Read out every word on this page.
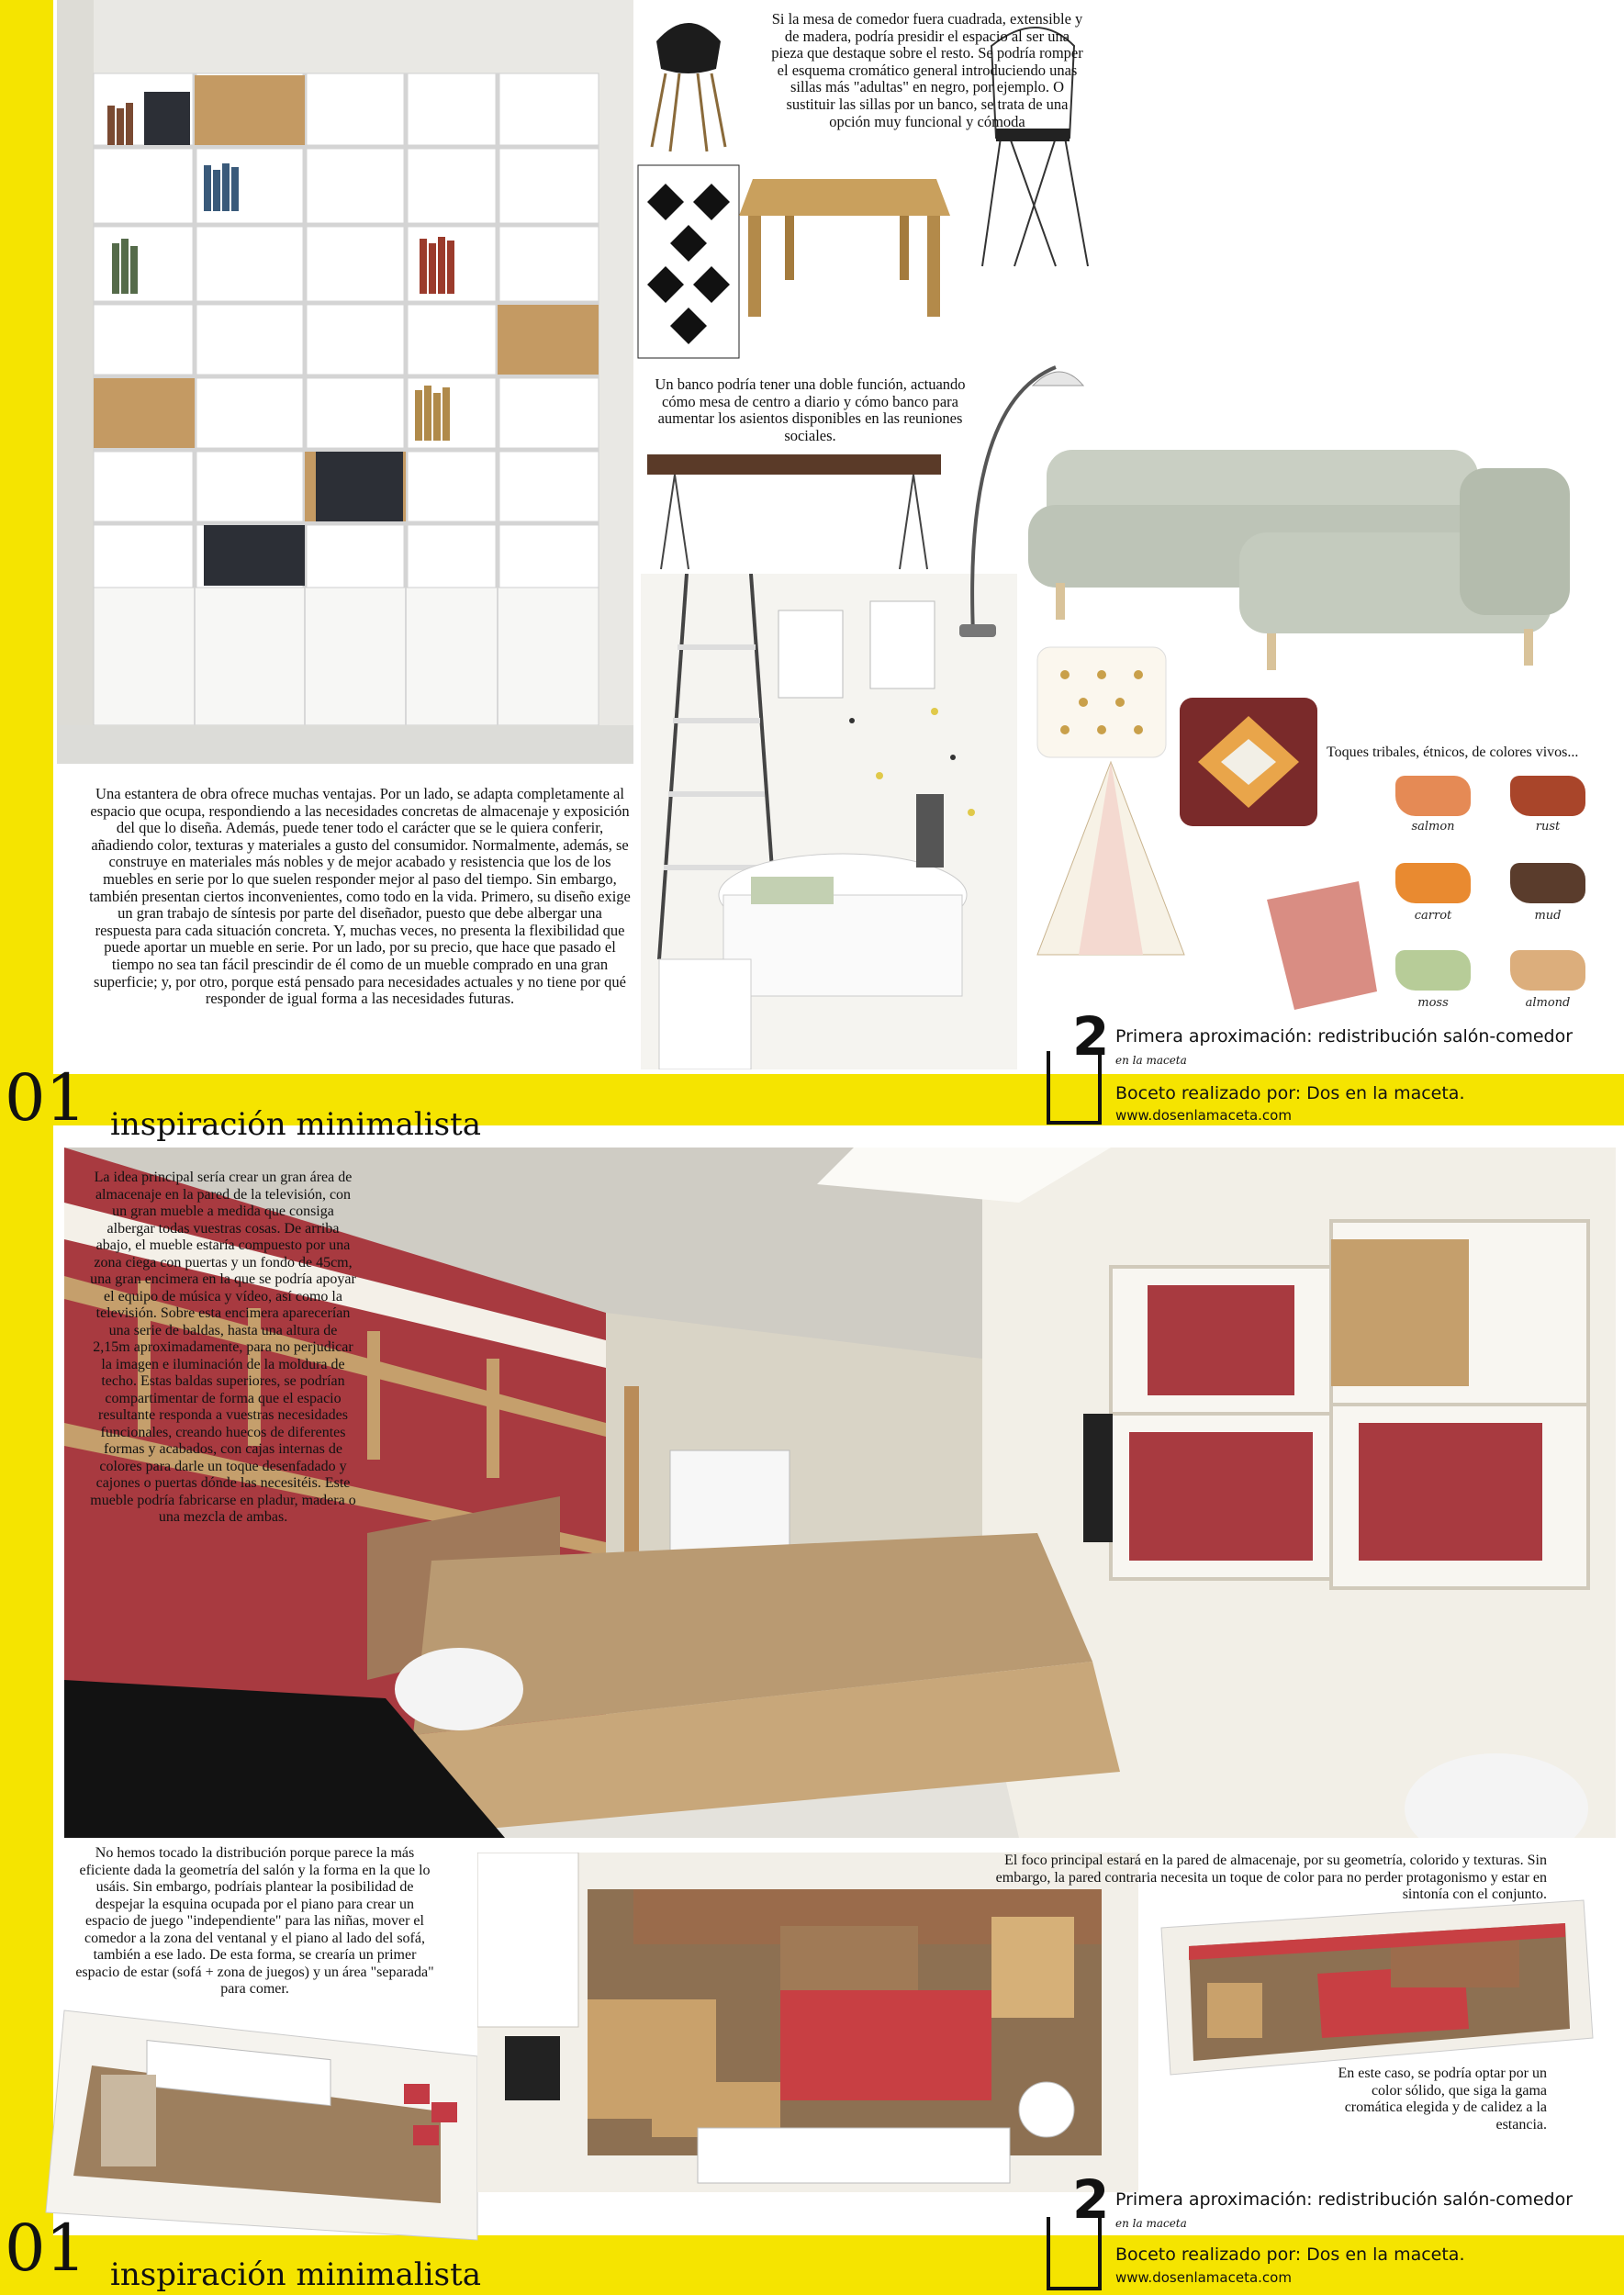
Una estantera de obra ofrece muchas ventajas. Por un lado, se adapta completamente al espacio que ocupa, respondiendo a las necesidades concretas de almacenaje y exposición del que lo diseña. Además, puede tener todo el carácter que se le quiera conferir, añadiendo color, texturas y materiales a gusto del consumidor. Normalmente, además, se construye en materiales más nobles y de mejor acabado y resistencia que los de los muebles en serie por lo que suelen responder mejor al paso del tiempo. Sin embargo, también presentan ciertos inconvenientes, como todo en la vida. Primero, su diseño exige un gran trabajo de síntesis por parte del diseñador, puesto que debe albergar una respuesta para cada situación concreta. Y, muchas veces, no presenta la flexibilidad que puede aportar un mueble en serie. Por un lado, por su precio, que hace que pasado el tiempo no sea tan fácil prescindir de él como de un mueble comprado en una gran superficie; y, por otro, porque está pensado para necesidades actuales y no tiene por qué responder de igual forma a las necesidades futuras.
Si la mesa de comedor fuera cuadrada, extensible y de madera, podría presidir el espacio al ser una pieza que destaque sobre el resto. Se podría romper el esquema cromático general introduciendo unas sillas más "adultas" en negro, por ejemplo. O sustituir las sillas por un banco, se trata de una opción muy funcional y cómoda
Un banco podría tener una doble función, actuando cómo mesa de centro a diario y cómo banco para aumentar los asientos disponibles en las reuniones sociales.
Toques tribales, étnicos, de colores vivos...
salmon	rust
carrot	mud
moss	almond
2 Primera aproximación: redistribución salón-comedor
en la maceta
Boceto realizado por: Dos en la maceta.
www.dosenlamaceta.com
01 inspiración minimalista
La idea principal sería crear un gran área de almacenaje en la pared de la televisión, con un gran mueble a medida que consiga albergar todas vuestras cosas. De arriba abajo, el mueble estaría compuesto por una zona ciega con puertas y un fondo de 45cm, una gran encimera en la que se podría apoyar el equipo de música y vídeo, así como la televisión. Sobre esta encimera aparecerían una serie de baldas, hasta una altura de 2,15m aproximadamente, para no perjudicar la imagen e iluminación de la moldura de techo. Estas baldas superiores, se podrían compartimentar de forma que el espacio resultante responda a vuestras necesidades funcionales, creando huecos de diferentes formas y acabados, con cajas internas de colores para darle un toque desenfadado y cajones o puertas dónde las necesitéis. Este mueble podría fabricarse en pladur, madera o una mezcla de ambas.
No hemos tocado la distribución porque parece la más eficiente dada la geometría del salón y la forma en la que lo usáis. Sin embargo, podríais plantear la posibilidad de despejar la esquina ocupada por el piano para crear un espacio de juego "independiente" para las niñas, mover el comedor a la zona del ventanal y el piano al lado del sofá, también a ese lado. De esta forma, se crearía un primer espacio de estar (sofá + zona de juegos) y un área "separada" para comer.
El foco principal estará en la pared de almacenaje, por su geometría, colorido y texturas. Sin embargo, la pared contraria necesita un toque de color para no perder protagonismo y estar en sintonía con el conjunto.
En este caso, se podría optar por un color sólido, que siga la gama cromática elegida y de calidez a la estancia.
2 Primera aproximación: redistribución salón-comedor
en la maceta
Boceto realizado por: Dos en la maceta.
www.dosenlamaceta.com
01 inspiración minimalista
